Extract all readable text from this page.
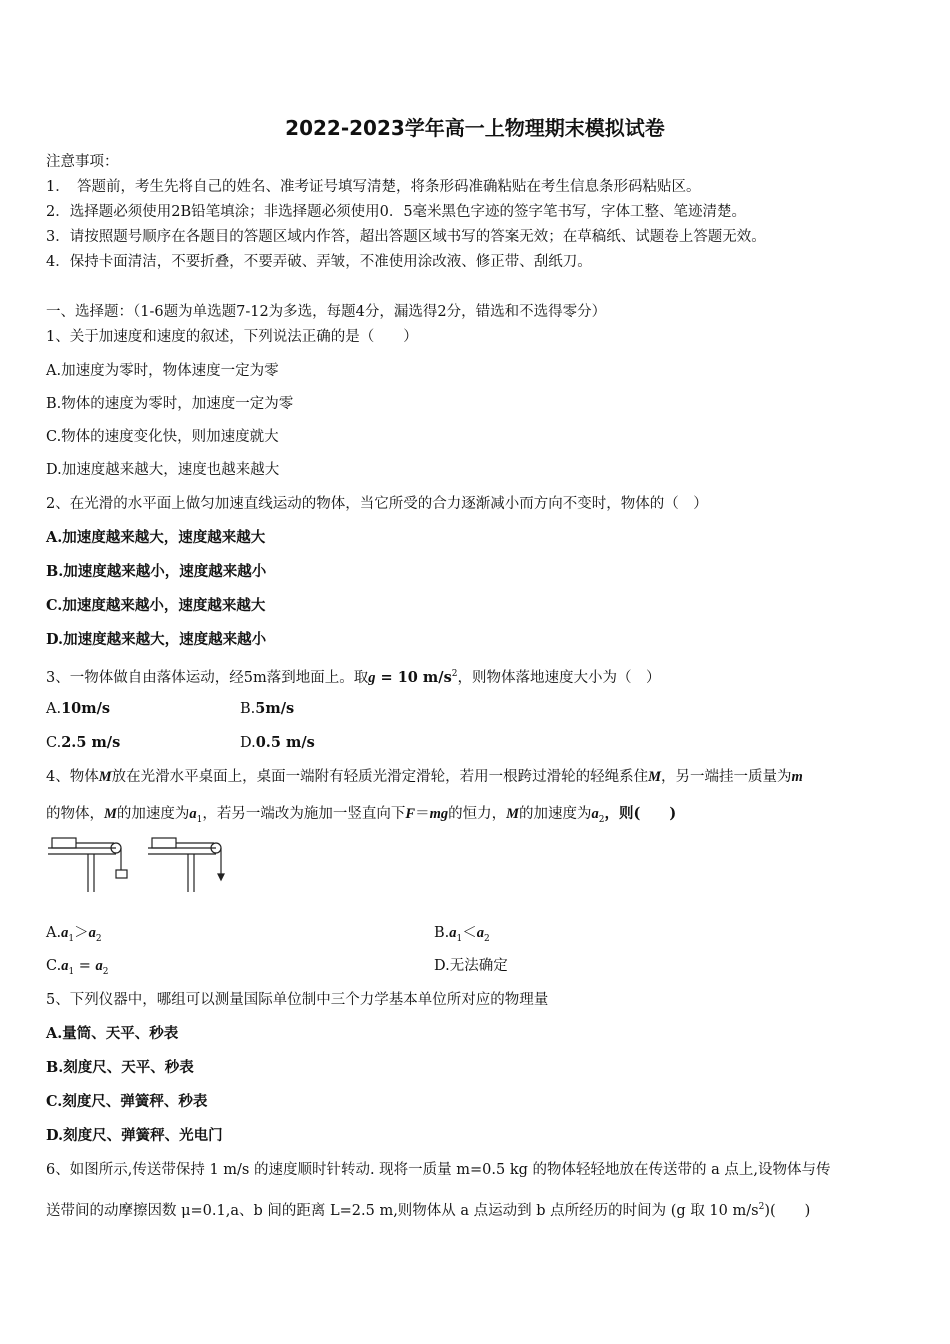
2022-2023学年高一上物理期末模拟试卷
注意事项：
1．　答题前，考生先将自己的姓名、准考证号填写清楚，将条形码准确粘贴在考生信息条形码粘贴区。
2．选择题必须使用2B铅笔填涂；非选择题必须使用0．5毫米黑色字迹的签字笔书写，字体工整、笔迹清楚。
3．请按照题号顺序在各题目的答题区域内作答，超出答题区域书写的答案无效；在草稿纸、试题卷上答题无效。
4．保持卡面清洁，不要折叠，不要弄破、弄皱，不准使用涂改液、修正带、刮纸刀。
一、选择题：（1-6题为单选题7-12为多选，每题4分，漏选得2分，错选和不选得零分）
1、关于加速度和速度的叙述，下列说法正确的是（　　）
A.加速度为零时，物体速度一定为零
B.物体的速度为零时，加速度一定为零
C.物体的速度变化快，则加速度就大
D.加速度越来越大，速度也越来越大
2、在光滑的水平面上做匀加速直线运动的物体，当它所受的合力逐渐减小而方向不变时，物体的（　）
A.加速度越来越大，速度越来越大
B.加速度越来越小，速度越来越小
C.加速度越来越小，速度越来越大
D.加速度越来越大，速度越来越小
3、一物体做自由落体运动，经5m落到地面上。取g = 10 $m/s^2$，则物体落地速度大小为（　）
A.10m/s	B.5m/s
C.2.5 m/s	D.0.5 m/s
4、物体M放在光滑水平桌面上，桌面一端附有轻质光滑定滑轮，若用一根跨过滑轮的轻绳系住M，另一端挂一质量为m
的物体，M的加速度为$a_1$，若另一端改为施加一竖直向下F＝mg的恒力，M的加速度为$a_2$，则(　　)
$A.a_1>a_2$	$B.a_1<a_2$
$C.a_1 = a_2$	D.无法确定
5、下列仪器中，哪组可以测量国际单位制中三个力学基本单位所对应的物理量
A.量筒、天平、秒表
B.刻度尺、天平、秒表
C.刻度尺、弹簧秤、秒表
D.刻度尺、弹簧秤、光电门
6、如图所示,传送带保持 1 m/s 的速度顺时针转动. 现将一质量 m=0.5 kg 的物体轻轻地放在传送带的 a 点上,设物体与传
送带间的动摩擦因数 μ=0.1,a、b 间的距离 L=2.5 m,则物体从 a 点运动到 b 点所经历的时间为 (g 取 10 $m/s^2$)(　　)
